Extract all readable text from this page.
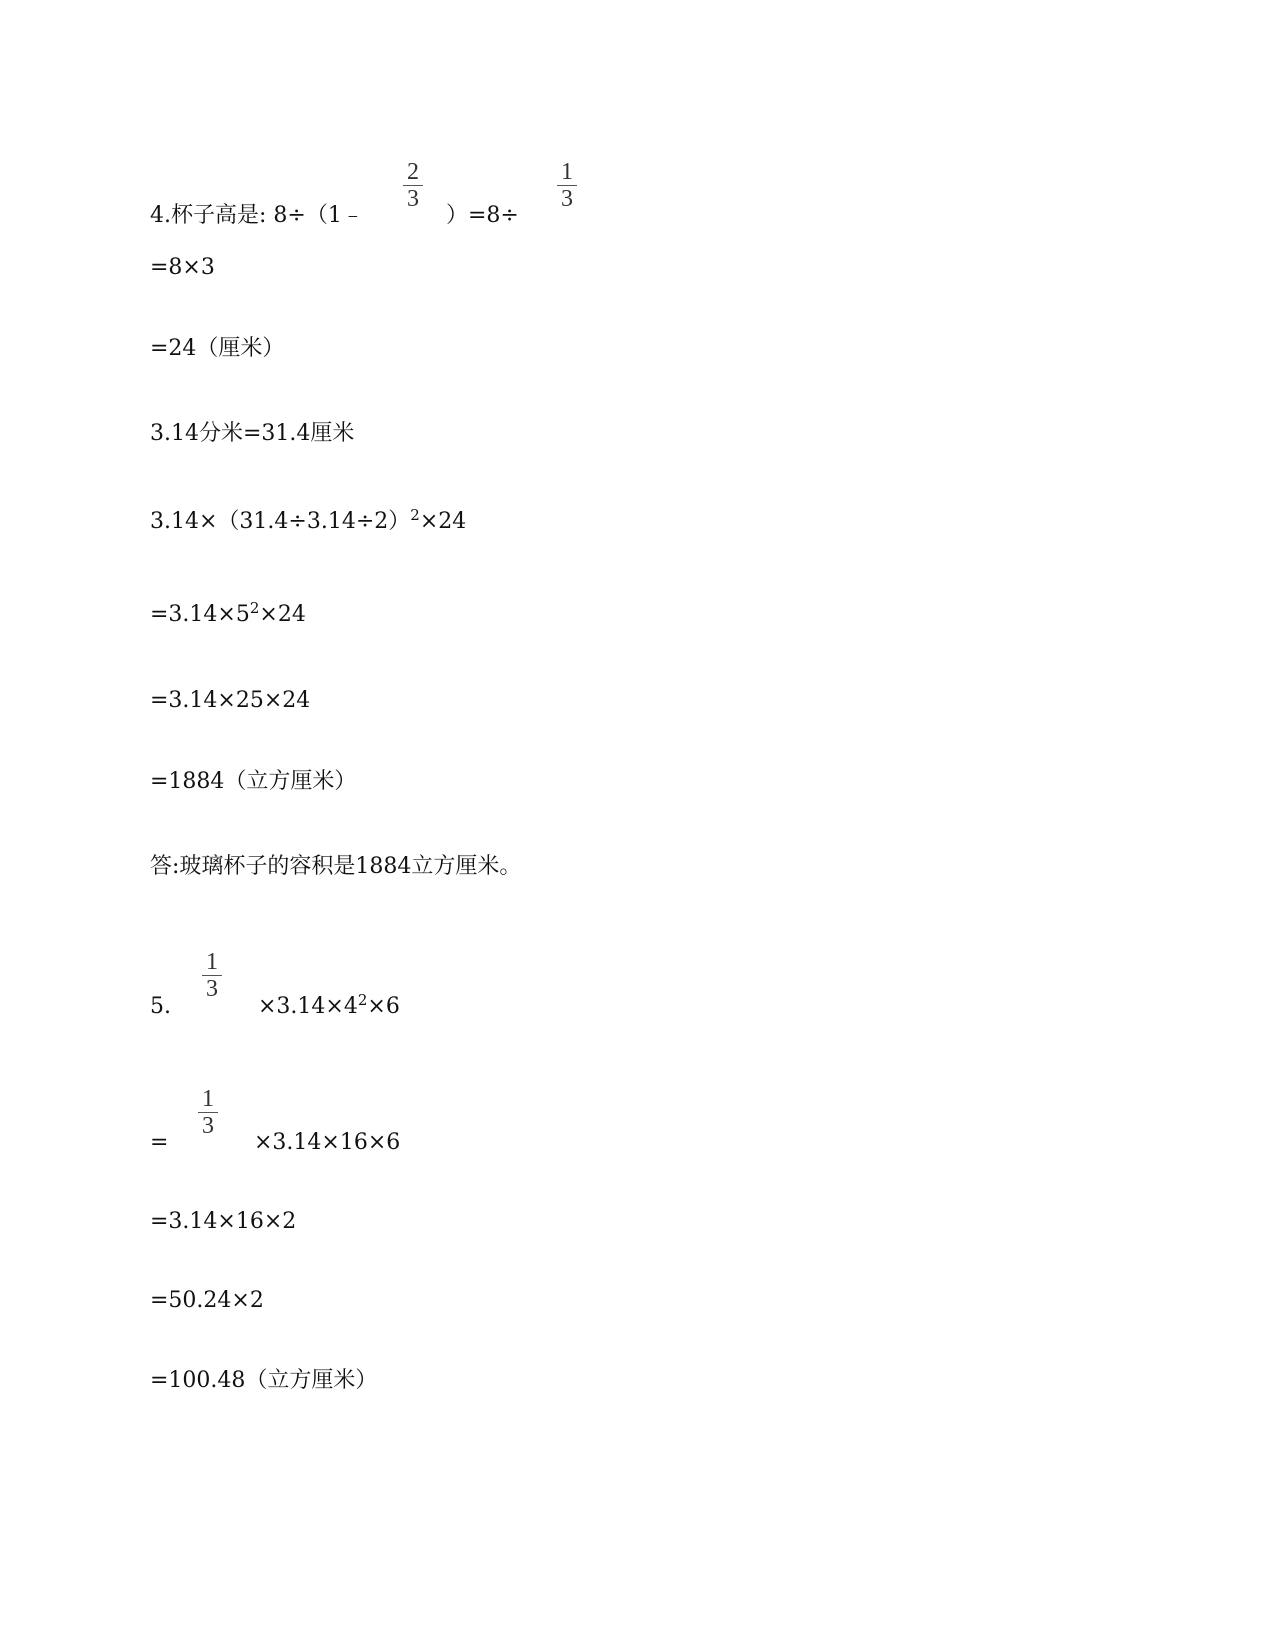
4.杯子高是: 8÷（1﹣
2
3
）=8÷
1
3
=8×3
=24（厘米）
3.14分米=31.4厘米
$3.14\times(31.4\div 3.14\div 2)^2\times 24$
$=3.14\times 5^2\times 24$
=3.14×25×24
=1884（立方厘米）
答:玻璃杯子的容积是1884立方厘米。
5.
1
3
$\times 3.14\times 4^2\times 6$
=
1
3
×3.14×16×6
=3.14×16×2
=50.24×2
=100.48（立方厘米）
